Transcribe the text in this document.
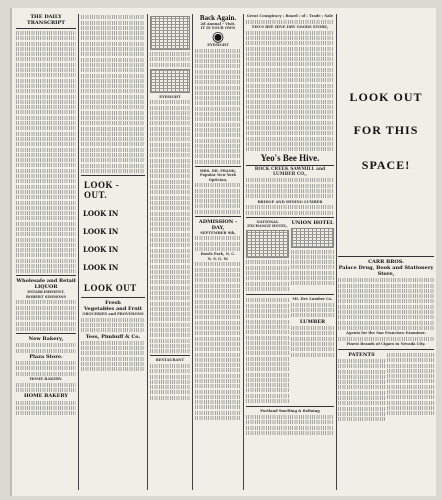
THE DAILY TRANSCRIPT
Wholesale and Retail LIQUOR
ESTABLISHMENT.
ROBERT SIMMONS
New Bakery,
Plaza Store.
HOME BAKERY.
HOME BAKERY
LOOK - OUT.
LOOK IN
LOOK IN
LOOK IN
LOOK IN
LOOK OUT
Fresh
Vegetables and Fruit
GROCERIES and PROVISIONS
Tess, Pimbuff & Co.
EYESIGHT
RESTAURANT
Back Again.
2d Annual - Visit.
IT IS YOUR OWN
◉
EYESIGHT
MRS. DR. FRANK,
Popular New York Optician,
ADMISSION - DAY,
SEPTEMBER 9th,
Bowls Park, N. C.
N. S. G. W.
Great Conspiracy ; Board ; of ; Trade ; Sale
YEO'S BEE HIVE DRY GOODS STORE,
Yeo's Bee Hive.
ROCK CREEK SAWMILL and LUMBER CO.,
BRIDGE AND MINING LUMBER
NATIONAL EXCHANGE HOTEL,
UNION HOTEL
Mt. Dev Lumber Co.
LUMBER
Portland Smelting & Refining
LOOK OUT
FOR THIS
SPACE!
CARR BROS.
Palace Drug, Book and Stationery Store,
Agents for the San Francisco Examiner.
Finest Brands of Cigars in Nevada City.
PATENTS
